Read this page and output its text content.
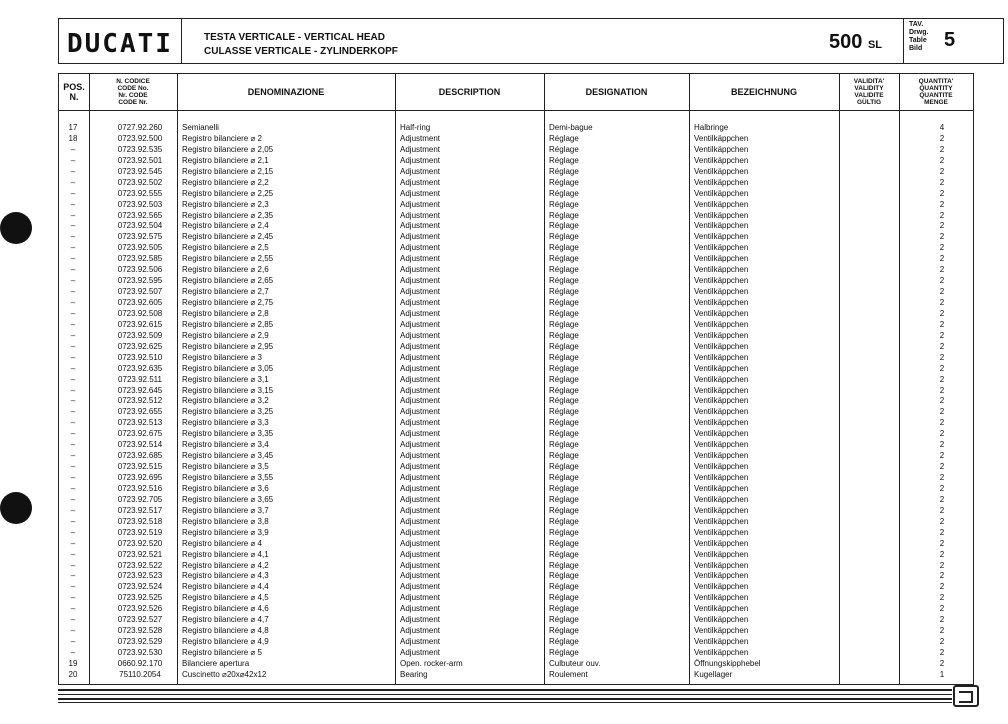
DUCATI	TESTA VERTICALE - VERTICAL HEAD
CULASSE VERTICALE - ZYLINDERKOPF	500 SL
TAV.
Drwg.
Table
Bild	5
POS.
N.
N. CODICE
CODE No.
Nr. CODE
CODE Nr.
DENOMINAZIONE	DESCRIPTION	DESIGNATION	BEZEICHNUNG
VALIDITA'
VALIDITY
VALIDITE
GÜLTIG
QUANTITA'
QUANTITY
QUANTITE
MENGE
17	0727.92.260	Semianelli	Half-ring	Demi-bague	Halbringe	4
18	0723.92.500	Registro bilanciere ⌀ 2	Adjustment	Réglage	Ventilkäppchen	2
–	0723.92.535	Registro bilanciere ⌀ 2,05	Adjustment	Réglage	Ventilkäppchen	2
–	0723.92.501	Registro bilanciere ⌀ 2,1	Adjustment	Réglage	Ventilkäppchen	2
–	0723.92.545	Registro bilanciere ⌀ 2,15	Adjustment	Réglage	Ventilkäppchen	2
–	0723.92.502	Registro bilanciere ⌀ 2,2	Adjustment	Réglage	Ventilkäppchen	2
–	0723.92.555	Registro bilanciere ⌀ 2,25	Adjustment	Réglage	Ventilkäppchen	2
–	0723.92.503	Registro bilanciere ⌀ 2,3	Adjustment	Réglage	Ventilkäppchen	2
–	0723.92.565	Registro bilanciere ⌀ 2,35	Adjustment	Réglage	Ventilkäppchen	2
–	0723.92.504	Registro bilanciere ⌀ 2,4	Adjustment	Réglage	Ventilkäppchen	2
–	0723.92.575	Registro bilanciere ⌀ 2,45	Adjustment	Réglage	Ventilkäppchen	2
–	0723.92.505	Registro bilanciere ⌀ 2,5	Adjustment	Réglage	Ventilkäppchen	2
–	0723.92.585	Registro bilanciere ⌀ 2,55	Adjustment	Réglage	Ventilkäppchen	2
–	0723.92.506	Registro bilanciere ⌀ 2,6	Adjustment	Réglage	Ventilkäppchen	2
–	0723.92.595	Registro bilanciere ⌀ 2,65	Adjustment	Réglage	Ventilkäppchen	2
–	0723.92.507	Registro bilanciere ⌀ 2,7	Adjustment	Réglage	Ventilkäppchen	2
–	0723.92.605	Registro bilanciere ⌀ 2,75	Adjustment	Réglage	Ventilkäppchen	2
–	0723.92.508	Registro bilanciere ⌀ 2,8	Adjustment	Réglage	Ventilkäppchen	2
–	0723.92.615	Registro bilanciere ⌀ 2,85	Adjustment	Réglage	Ventilkäppchen	2
–	0723.92.509	Registro bilanciere ⌀ 2,9	Adjustment	Réglage	Ventilkäppchen	2
–	0723.92.625	Registro bilanciere ⌀ 2,95	Adjustment	Réglage	Ventilkäppchen	2
–	0723.92.510	Registro bilanciere ⌀ 3	Adjustment	Réglage	Ventilkäppchen	2
–	0723.92.635	Registro bilanciere ⌀ 3,05	Adjustment	Réglage	Ventilkäppchen	2
–	0723.92.511	Registro bilanciere ⌀ 3,1	Adjustment	Réglage	Ventilkäppchen	2
–	0723.92.645	Registro bilanciere ⌀ 3,15	Adjustment	Réglage	Ventilkäppchen	2
–	0723.92.512	Registro bilanciere ⌀ 3,2	Adjustment	Réglage	Ventilkäppchen	2
–	0723.92.655	Registro bilanciere ⌀ 3,25	Adjustment	Réglage	Ventilkäppchen	2
–	0723.92.513	Registro bilanciere ⌀ 3,3	Adjustment	Réglage	Ventilkäppchen	2
–	0723.92.675	Registro bilanciere ⌀ 3,35	Adjustment	Réglage	Ventilkäppchen	2
–	0723.92.514	Registro bilanciere ⌀ 3,4	Adjustment	Réglage	Ventilkäppchen	2
–	0723.92.685	Registro bilanciere ⌀ 3,45	Adjustment	Réglage	Ventilkäppchen	2
–	0723.92.515	Registro bilanciere ⌀ 3,5	Adjustment	Réglage	Ventilkäppchen	2
–	0723.92.695	Registro bilanciere ⌀ 3,55	Adjustment	Réglage	Ventilkäppchen	2
–	0723.92.516	Registro bilanciere ⌀ 3,6	Adjustment	Réglage	Ventilkäppchen	2
–	0723.92.705	Registro bilanciere ⌀ 3,65	Adjustment	Réglage	Ventilkäppchen	2
–	0723.92.517	Registro bilanciere ⌀ 3,7	Adjustment	Réglage	Ventilkäppchen	2
–	0723.92.518	Registro bilanciere ⌀ 3,8	Adjustment	Réglage	Ventilkäppchen	2
–	0723.92.519	Registro bilanciere ⌀ 3,9	Adjustment	Réglage	Ventilkäppchen	2
–	0723.92.520	Registro bilanciere ⌀ 4	Adjustment	Réglage	Ventilkäppchen	2
–	0723.92.521	Registro bilanciere ⌀ 4,1	Adjustment	Réglage	Ventilkäppchen	2
–	0723.92.522	Registro bilanciere ⌀ 4,2	Adjustment	Réglage	Ventilkäppchen	2
–	0723.92.523	Registro bilanciere ⌀ 4,3	Adjustment	Réglage	Ventilkäppchen	2
–	0723.92.524	Registro bilanciere ⌀ 4,4	Adjustment	Réglage	Ventilkäppchen	2
–	0723.92.525	Registro bilanciere ⌀ 4,5	Adjustment	Réglage	Ventilkäppchen	2
–	0723.92.526	Registro bilanciere ⌀ 4,6	Adjustment	Réglage	Ventilkäppchen	2
–	0723.92.527	Registro bilanciere ⌀ 4,7	Adjustment	Réglage	Ventilkäppchen	2
–	0723.92.528	Registro bilanciere ⌀ 4,8	Adjustment	Réglage	Ventilkäppchen	2
–	0723.92.529	Registro bilanciere ⌀ 4,9	Adjustment	Réglage	Ventilkäppchen	2
–	0723.92.530	Registro bilanciere ⌀ 5	Adjustment	Réglage	Ventilkäppchen	2
19	0660.92.170	Bilanciere apertura	Open. rocker-arm	Culbuteur ouv.	Öffnungskipphebel	2
20	75110.2054	Cuscinetto ⌀20x⌀42x12	Bearing	Roulement	Kugellager	1
